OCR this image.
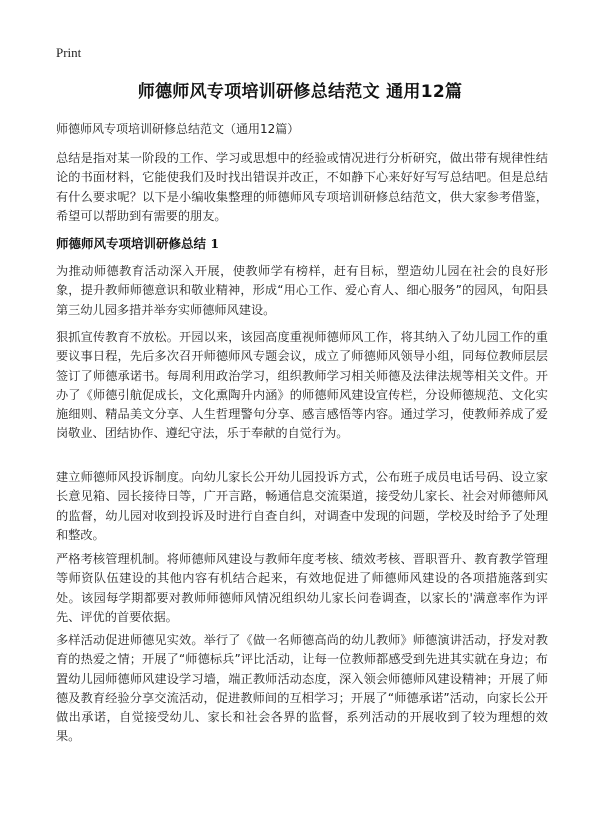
Print
师德师风专项培训研修总结范文 通用12篇
师德师风专项培训研修总结范文（通用12篇）

总结是指对某一阶段的工作、学习或思想中的经验或情况进行分析研究，做出带有规律性结论的书面材料，它能使我们及时找出错误并改正，不如静下心来好好写写总结吧。但是总结有什么要求呢？以下是小编收集整理的师德师风专项培训研修总结范文，供大家参考借鉴，希望可以帮助到有需要的朋友。

师德师风专项培训研修总结 1

为推动师德教育活动深入开展，使教师学有榜样，赶有目标，塑造幼儿园在社会的良好形象，提升教师师德意识和敬业精神，形成“用心工作、爱心育人、细心服务”的园风，旬阳县第三幼儿园多措并举夯实师德师风建设。

狠抓宣传教育不放松。开园以来，该园高度重视师德师风工作，将其纳入了幼儿园工作的重要议事日程，先后多次召开师德师风专题会议，成立了师德师风领导小组，同每位教师层层签订了师德承诺书。每周利用政治学习，组织教师学习相关师德及法律法规等相关文件。开办了《师德引航促成长，文化熏陶升内涵》的师德师风建设宣传栏，分设师德规范、文化实施细则、精品美文分享、人生哲理警句分享、感言感悟等内容。通过学习，使教师养成了爱岗敬业、团结协作、遵纪守法，乐于奉献的自觉行为。

建立师德师风投诉制度。向幼儿家长公开幼儿园投诉方式，公布班子成员电话号码、设立家长意见箱、园长接待日等，广开言路，畅通信息交流渠道，接受幼儿家长、社会对师德师风的监督，幼儿园对收到投诉及时进行自查自纠，对调查中发现的问题，学校及时给予了处理和整改。

严格考核管理机制。将师德师风建设与教师年度考核、绩效考核、晋职晋升、教育教学管理等师资队伍建设的其他内容有机结合起来，有效地促进了师德师风建设的各项措施落到实处。该园每学期都要对教师师德师风情况组织幼儿家长问卷调查，以家长的'满意率作为评先、评优的首要依据。

多样活动促进师德见实效。举行了《做一名师德高尚的幼儿教师》师德演讲活动，抒发对教育的热爱之情；开展了“师德标兵”评比活动，让每一位教师都感受到先进其实就在身边；布置幼儿园师德师风建设学习墙，端正教师活动态度，深入领会师德师风建设精神；开展了师德及教育经验分享交流活动，促进教师间的互相学习；开展了“师德承诺”活动，向家长公开做出承诺，自觉接受幼儿、家长和社会各界的监督，系列活动的开展收到了较为理想的效果。
